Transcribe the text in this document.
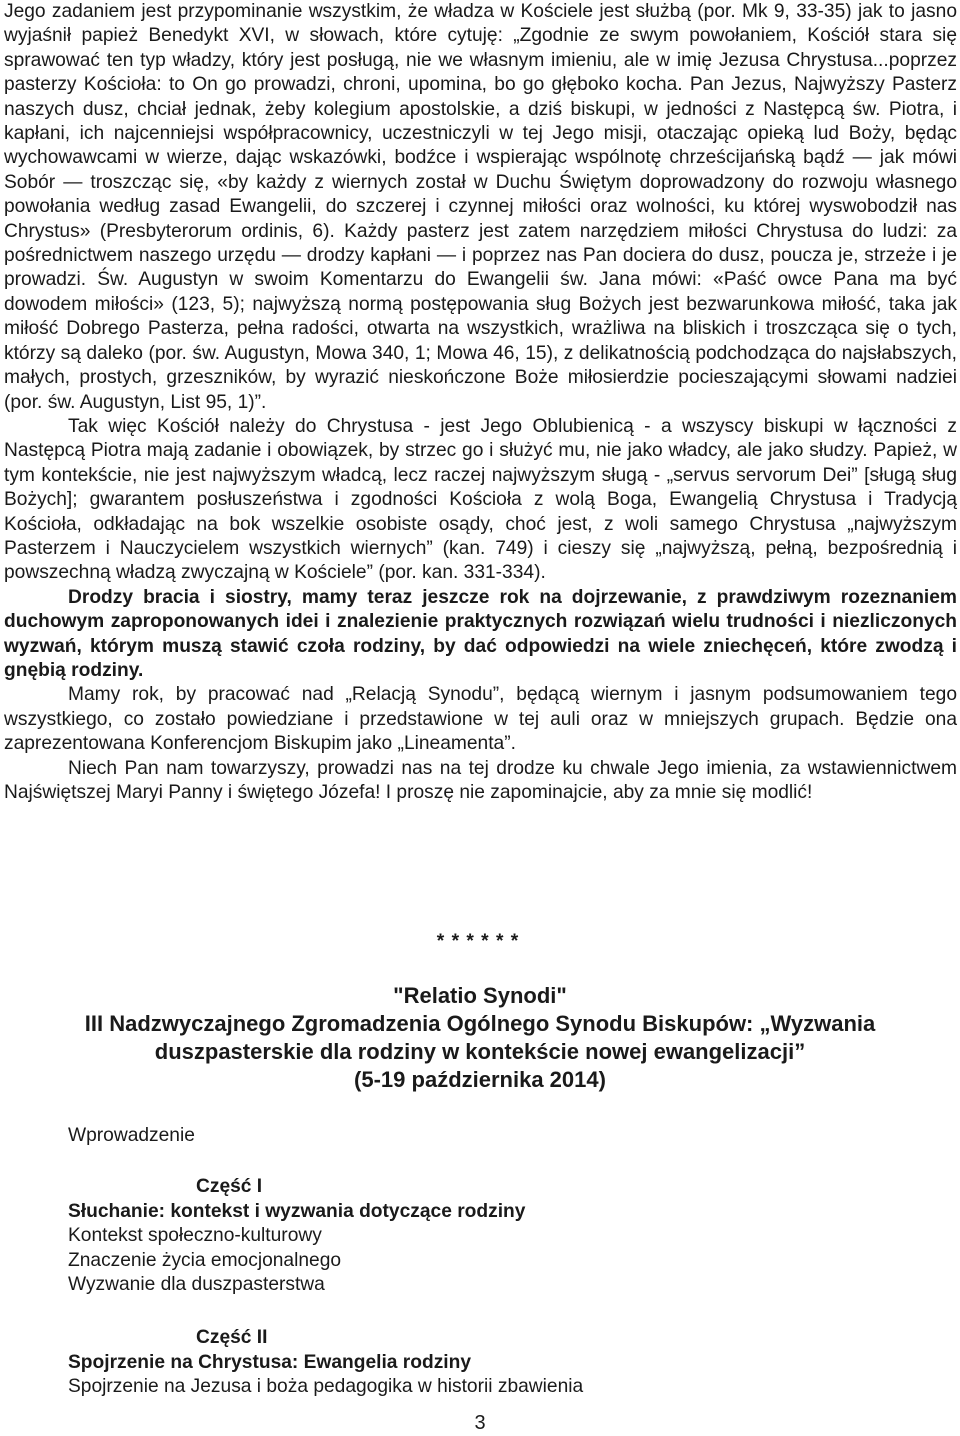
Jego zadaniem jest przypominanie wszystkim, że władza w Kościele jest służbą (por. Mk 9, 33-35) jak to jasno wyjaśnił papież Benedykt XVI, w słowach, które cytuję: „Zgodnie ze swym powołaniem, Kościół stara się sprawować ten typ władzy, który jest posługą, nie we własnym imieniu, ale w imię Jezusa Chrystusa...poprzez pasterzy Kościoła: to On go prowadzi, chroni, upomina, bo go głęboko kocha. Pan Jezus, Najwyższy Pasterz naszych dusz, chciał jednak, żeby kolegium apostolskie, a dziś biskupi, w jedności z Następcą św. Piotra, i kapłani, ich najcenniejsi współpracownicy, uczestniczyli w tej Jego misji, otaczając opieką lud Boży, będąc wychowawcami w wierze, dając wskazówki, bodźce i wspierając wspólnotę chrześcijańską bądź — jak mówi Sobór — troszcząc się, «by każdy z wiernych został w Duchu Świętym doprowadzony do rozwoju własnego powołania według zasad Ewangelii, do szczerej i czynnej miłości oraz wolności, ku której wyswobodził nas Chrystus» (Presbyterorum ordinis, 6). Każdy pasterz jest zatem narzędziem miłości Chrystusa do ludzi: za pośrednictwem naszego urzędu — drodzy kapłani — i poprzez nas Pan dociera do dusz, poucza je, strzeże i je prowadzi. Św. Augustyn w swoim Komentarzu do Ewangelii św. Jana mówi: «Paść owce Pana ma być dowodem miłości» (123, 5); najwyższą normą postępowania sług Bożych jest bezwarunkowa miłość, taka jak miłość Dobrego Pasterza, pełna radości, otwarta na wszystkich, wrażliwa na bliskich i troszcząca się o tych, którzy są daleko (por. św. Augustyn, Mowa 340, 1; Mowa 46, 15), z delikatnością podchodząca do najsłabszych, małych, prostych, grzeszników, by wyrazić nieskończone Boże miłosierdzie pocieszającymi słowami nadziei (por. św. Augustyn, List 95, 1)”.

Tak więc Kościół należy do Chrystusa - jest Jego Oblubienicą - a wszyscy biskupi w łączności z Następcą Piotra mają zadanie i obowiązek, by strzec go i służyć mu, nie jako władcy, ale jako słudzy. Papież, w tym kontekście, nie jest najwyższym władcą, lecz raczej najwyższym sługą - „servus servorum Dei” [sługą sług Bożych]; gwarantem posłuszeństwa i zgodności Kościoła z wolą Boga, Ewangelią Chrystusa i Tradycją Kościoła, odkładając na bok wszelkie osobiste osądy, choć jest, z woli samego Chrystusa „najwyższym Pasterzem i Nauczycielem wszystkich wiernych” (kan. 749) i cieszy się „najwyższą, pełną, bezpośrednią i powszechną władzą zwyczajną w Kościele” (por. kan. 331-334).

Drodzy bracia i siostry, mamy teraz jeszcze rok na dojrzewanie, z prawdziwym rozeznaniem duchowym zaproponowanych idei i znalezienie praktycznych rozwiązań wielu trudności i niezliczonych wyzwań, którym muszą stawić czoła rodziny, by dać odpowiedzi na wiele zniechęceń, które zwodzą i gnębią rodziny.

Mamy rok, by pracować nad „Relacją Synodu”, będącą wiernym i jasnym podsumowaniem tego wszystkiego, co zostało powiedziane i przedstawione w tej auli oraz w mniejszych grupach. Będzie ona zaprezentowana Konferencjom Biskupim jako „Lineamenta”.

Niech Pan nam towarzyszy, prowadzi nas na tej drodze ku chwale Jego imienia, za wstawiennictwem Najświętszej Maryi Panny i świętego Józefa! I proszę nie zapominajcie, aby za mnie się modlić!

* * * * * *

"Relatio Synodi"

III Nadzwyczajnego Zgromadzenia Ogólnego Synodu Biskupów: „Wyzwania duszpasterskie dla rodziny w kontekście nowej ewangelizacji”

(5-19 października 2014)

Wprowadzenie

Część I

Słuchanie: kontekst i wyzwania dotyczące rodziny

Kontekst społeczno-kulturowy

Znaczenie życia emocjonalnego

Wyzwanie dla duszpasterstwa

Część II

Spojrzenie na Chrystusa: Ewangelia rodziny

Spojrzenie na Jezusa i boża pedagogika w historii zbawienia

3
